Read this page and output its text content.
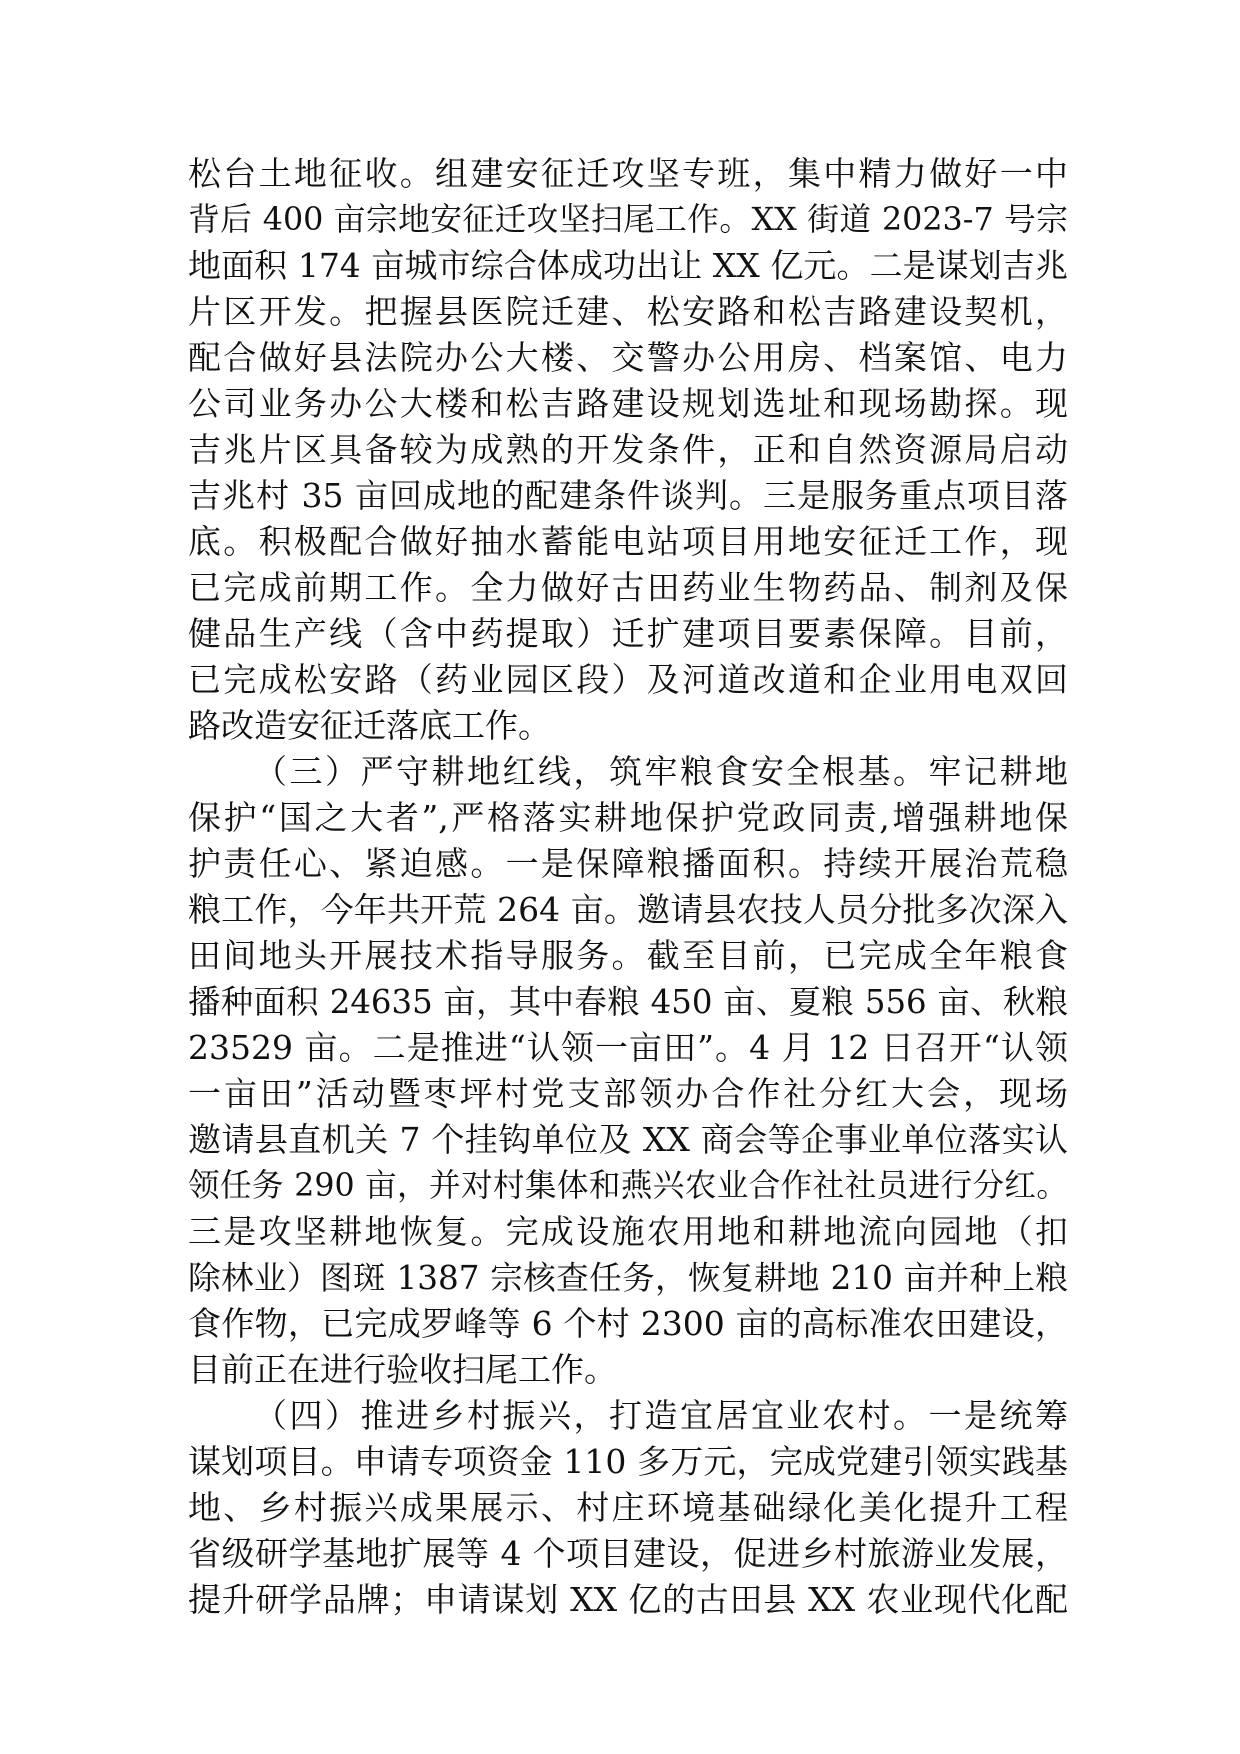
松台土地征收。组建安征迁攻坚专班，集中精力做好一中
背后 400 亩宗地安征迁攻坚扫尾工作。XX 街道 2023-7 号宗
地面积 174 亩城市综合体成功出让 XX 亿元。二是谋划吉兆
片区开发。把握县医院迁建、松安路和松吉路建设契机，
配合做好县法院办公大楼、交警办公用房、档案馆、电力
公司业务办公大楼和松吉路建设规划选址和现场勘探。现
吉兆片区具备较为成熟的开发条件，正和自然资源局启动
吉兆村 35 亩回成地的配建条件谈判。三是服务重点项目落
底。积极配合做好抽水蓄能电站项目用地安征迁工作，现
已完成前期工作。全力做好古田药业生物药品、制剂及保
健品生产线（含中药提取）迁扩建项目要素保障。目前，
已完成松安路（药业园区段）及河道改道和企业用电双回
路改造安征迁落底工作。
（三）严守耕地红线，筑牢粮食安全根基。牢记耕地
保护“国之大者”,严格落实耕地保护党政同责,增强耕地保
护责任心、紧迫感。一是保障粮播面积。持续开展治荒稳
粮工作，今年共开荒 264 亩。邀请县农技人员分批多次深入
田间地头开展技术指导服务。截至目前，已完成全年粮食
播种面积 24635 亩，其中春粮 450 亩、夏粮 556 亩、秋粮
23529 亩。二是推进“认领一亩田”。4 月 12 日召开“认领
一亩田”活动暨枣坪村党支部领办合作社分红大会，现场
邀请县直机关 7 个挂钩单位及 XX 商会等企事业单位落实认
领任务 290 亩，并对村集体和燕兴农业合作社社员进行分红。
三是攻坚耕地恢复。完成设施农用地和耕地流向园地（扣
除林业）图斑 1387 宗核查任务，恢复耕地 210 亩并种上粮
食作物，已完成罗峰等 6 个村 2300 亩的高标准农田建设，
目前正在进行验收扫尾工作。
（四）推进乡村振兴，打造宜居宜业农村。一是统筹
谋划项目。申请专项资金 110 多万元，完成党建引领实践基
地、乡村振兴成果展示、村庄环境基础绿化美化提升工程
省级研学基地扩展等 4 个项目建设，促进乡村旅游业发展，
提升研学品牌；申请谋划 XX 亿的古田县 XX 农业现代化配
